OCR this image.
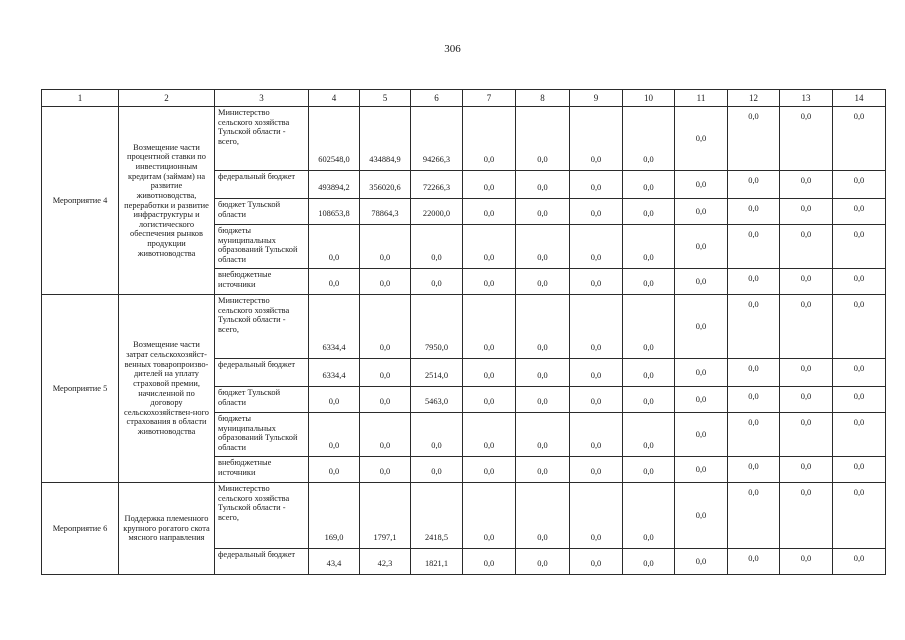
306
1	2	3	4	5	6	7	8	9	10	11	12	13	14
Мероприятие 4	Возмещение части процентной ставки по инвестиционным кредитам (займам) на развитие животноводства, переработки и развитие инфраструктуры и логистического обеспечения рынков продукции животноводства	Министерство сельского хозяйства Тульской области - всего,	602548,0	434884,9	94266,3	0,0	0,0	0,0	0,0	0,0	0,0	0,0	0,0
		федеральный бюджет	493894,2	356020,6	72266,3	0,0	0,0	0,0	0,0	0,0	0,0	0,0	0,0
		бюджет Тульской области	108653,8	78864,3	22000,0	0,0	0,0	0,0	0,0	0,0	0,0	0,0	0,0
		бюджеты муниципальных образований Тульской области	0,0	0,0	0,0	0,0	0,0	0,0	0,0	0,0	0,0	0,0	0,0
		внебюджетные источники	0,0	0,0	0,0	0,0	0,0	0,0	0,0	0,0	0,0	0,0	0,0
Мероприятие 5	Возмещение части затрат сельскохозяйст-венных товаропроизво-дителей на уплату страховой премии, начисленной по договору сельскохозяйствен-ного страхования в области животноводства	Министерство сельского хозяйства Тульской области - всего,	6334,4	0,0	7950,0	0,0	0,0	0,0	0,0	0,0	0,0	0,0	0,0
		федеральный бюджет	6334,4	0,0	2514,0	0,0	0,0	0,0	0,0	0,0	0,0	0,0	0,0
		бюджет Тульской области	0,0	0,0	5463,0	0,0	0,0	0,0	0,0	0,0	0,0	0,0	0,0
		бюджеты муниципальных образований Тульской области	0,0	0,0	0,0	0,0	0,0	0,0	0,0	0,0	0,0	0,0	0,0
		внебюджетные источники	0,0	0,0	0,0	0,0	0,0	0,0	0,0	0,0	0,0	0,0	0,0
Мероприятие 6	Поддержка племенного крупного рогатого скота мясного направления	Министерство сельского хозяйства Тульской области - всего,	169,0	1797,1	2418,5	0,0	0,0	0,0	0,0	0,0	0,0	0,0	0,0
		федеральный бюджет	43,4	42,3	1821,1	0,0	0,0	0,0	0,0	0,0	0,0	0,0	0,0
